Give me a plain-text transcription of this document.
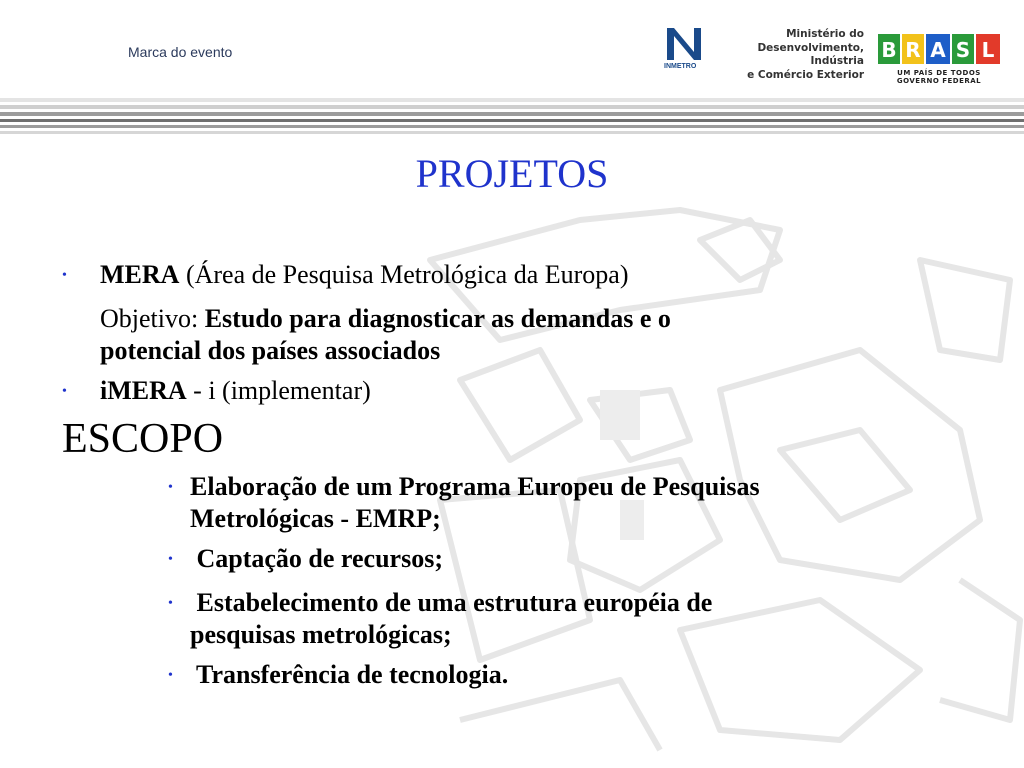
Marca do evento
INMETRO
Ministério do
Desenvolvimento, Indústria
e Comércio Exterior
B R A S L
UM PAÍS DE TODOS
GOVERNO FEDERAL
PROJETOS
• MERA (Área de Pesquisa Metrológica da Europa)
Objetivo: Estudo para diagnosticar as demandas e o
potencial dos países associados
• iMERA - i (implementar)
ESCOPO
• Elaboração de um Programa Europeu de Pesquisas
Metrológicas - EMRP;
• Captação de recursos;
• Estabelecimento de uma estrutura européia de
pesquisas metrológicas;
• Transferência de tecnologia.
